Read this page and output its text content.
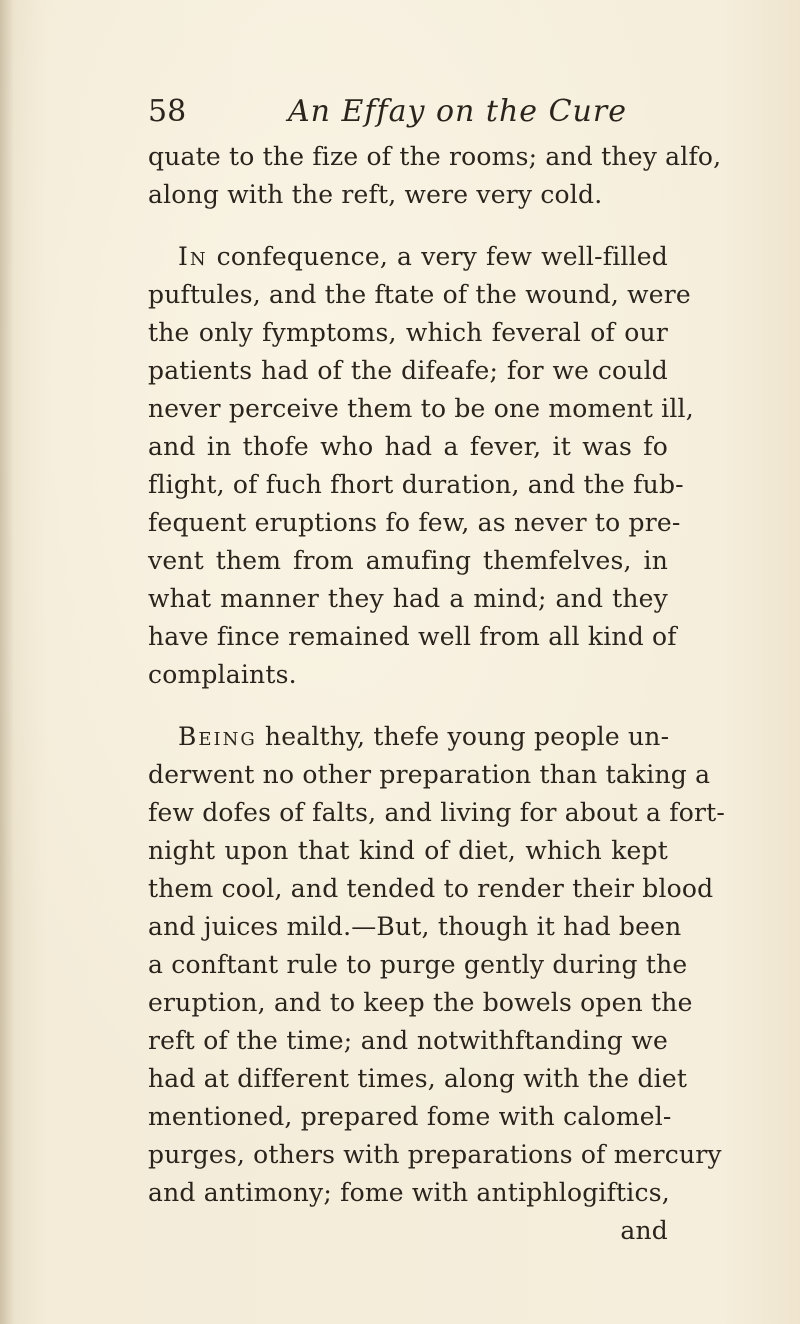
58	An Effay on the Cure
quate to the fize of the rooms; and they alfo,
along with the reft, were very cold.
In confequence, a very few well-filled
puftules, and the ftate of the wound, were
the only fymptoms, which feveral of our
patients had of the difeafe; for we could
never perceive them to be one moment ill,
and in thofe who had a fever, it was fo
flight, of fuch fhort duration, and the fub-
fequent eruptions fo few, as never to pre-
vent them from amufing themfelves, in
what manner they had a mind; and they
have fince remained well from all kind of
complaints.
Being healthy, thefe young people un-
derwent no other preparation than taking a
few dofes of falts, and living for about a fort-
night upon that kind of diet, which kept
them cool, and tended to render their blood
and juices mild.—But, though it had been
a conftant rule to purge gently during the
eruption, and to keep the bowels open the
reft of the time; and notwithftanding we
had at different times, along with the diet
mentioned, prepared fome with calomel-
purges, others with preparations of mercury
and antimony; fome with antiphlogiftics,
and
